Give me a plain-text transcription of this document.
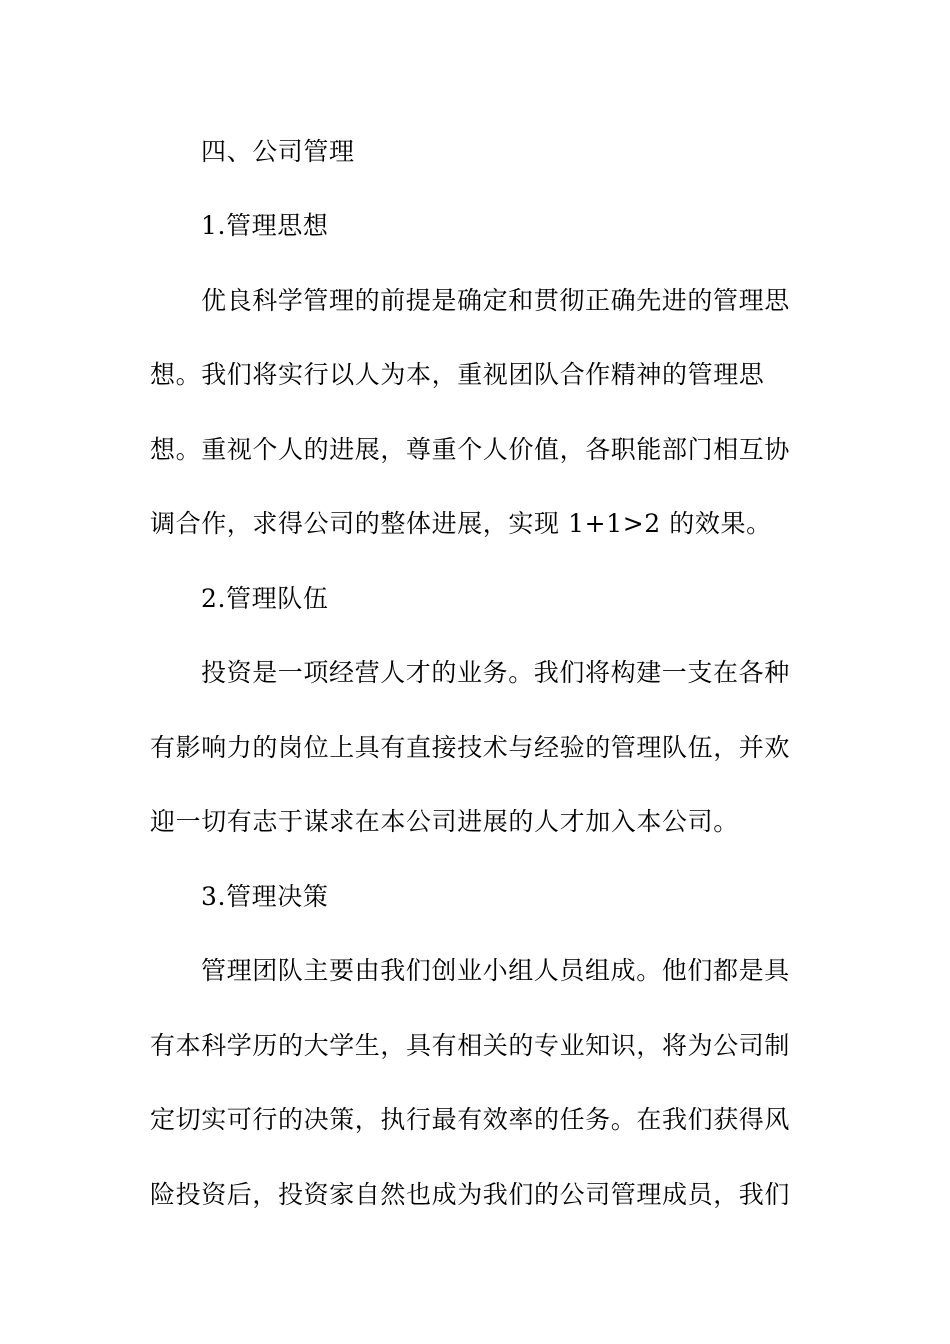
四、公司管理
1.管理思想
优良科学管理的前提是确定和贯彻正确先进的管理思
想。我们将实行以人为本，重视团队合作精神的管理思
想。重视个人的进展，尊重个人价值，各职能部门相互协
调合作，求得公司的整体进展，实现 1+1>2 的效果。
2.管理队伍
投资是一项经营人才的业务。我们将构建一支在各种
有影响力的岗位上具有直接技术与经验的管理队伍，并欢
迎一切有志于谋求在本公司进展的人才加入本公司。
3.管理决策
管理团队主要由我们创业小组人员组成。他们都是具
有本科学历的大学生，具有相关的专业知识，将为公司制
定切实可行的决策，执行最有效率的任务。在我们获得风
险投资后，投资家自然也成为我们的公司管理成员，我们
